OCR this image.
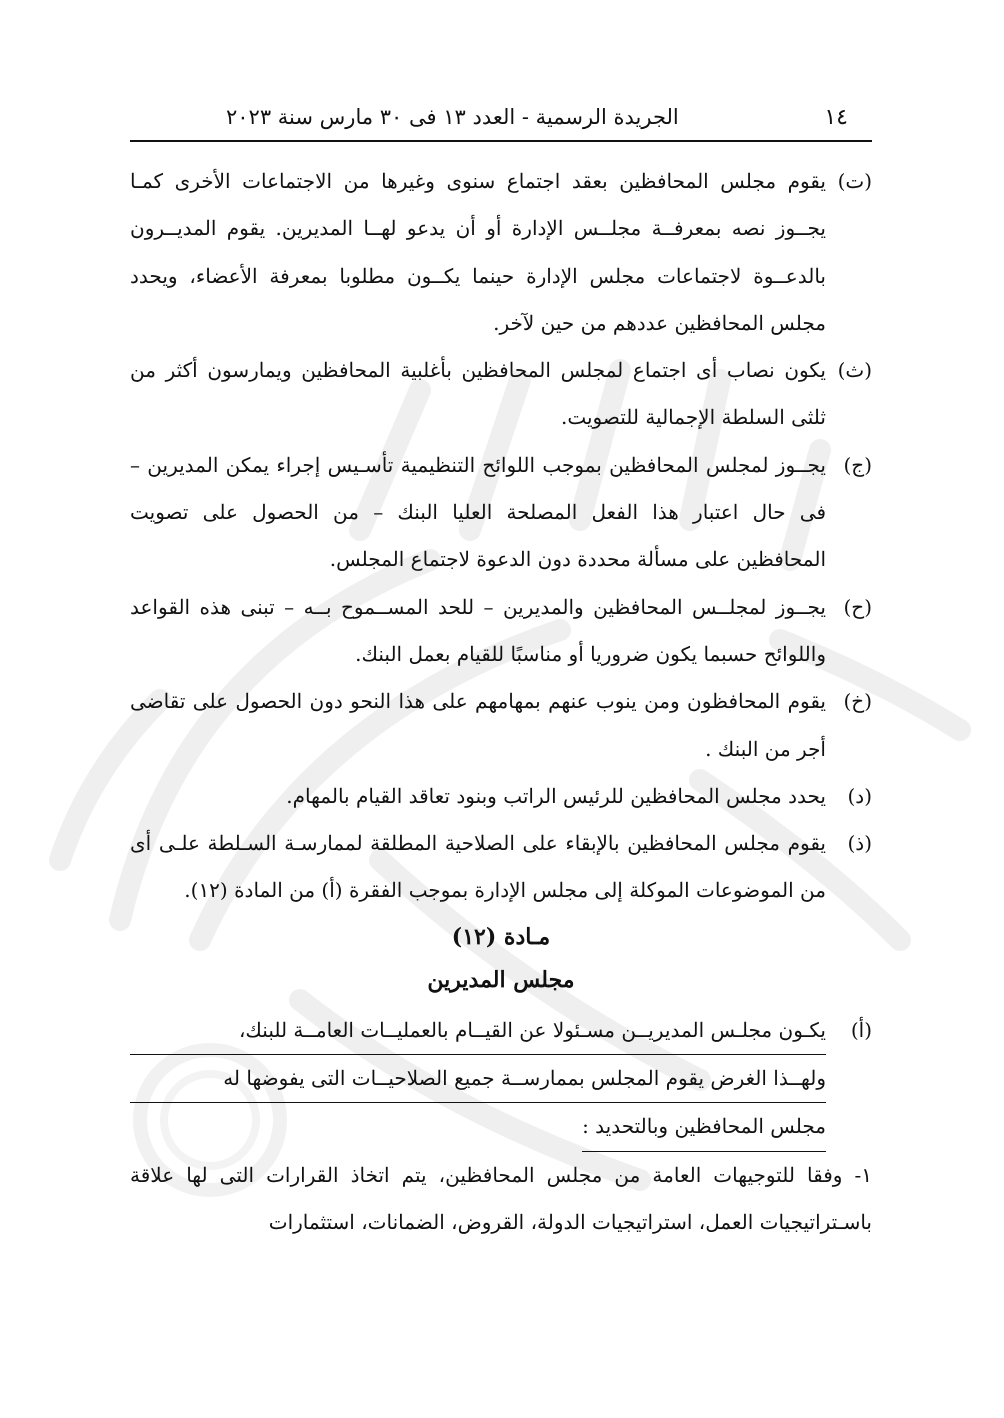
١٤
الجريدة الرسمية - العدد ١٣ فى ٣٠ مارس سنة ٢٠٢٣
(ت)
يقوم مجلس المحافظين بعقد اجتماع سنوى وغيرها من الاجتماعات الأخرى كمـا يجــوز نصه بمعرفــة مجلــس الإدارة أو أن يدعو لهــا المديرين. يقوم المديــرون بالدعــوة لاجتماعات مجلس الإدارة حينما يكــون مطلوبا بمعرفة الأعضاء، ويحدد مجلس المحافظين عددهم من حين لآخر.
(ث)
يكون نصاب أى اجتماع لمجلس المحافظين بأغلبية المحافظين ويمارسون أكثر من ثلثى السلطة الإجمالية للتصويت.
(ج)
يجــوز لمجلس المحافظين بموجب اللوائح التنظيمية تأسـيس إجراء يمكن المديرين – فى حال اعتبار هذا الفعل المصلحة العليا البنك – من الحصول على تصويت المحافظين على مسألة محددة دون الدعوة لاجتماع المجلس.
(ح)
يجــوز لمجلــس المحافظين والمديرين – للحد المســموح بــه – تبنى هذه القواعد واللوائح حسبما يكون ضروريا أو مناسبًا للقيام بعمل البنك.
(خ)
يقوم المحافظون ومن ينوب عنهم بمهامهم على هذا النحو دون الحصول على تقاضى أجر من البنك .
(د)
يحدد مجلس المحافظين للرئيس الراتب وبنود تعاقد القيام بالمهام.
(ذ)
يقوم مجلس المحافظين بالإبقاء على الصلاحية المطلقة لممارسـة السـلطة علـى أى من الموضوعات الموكلة إلى مجلس الإدارة بموجب الفقرة (أ) من المادة (١٢).
مـادة (١٢)
مجلس المديرين
(أ)
يكـون مجلـس المديريــن مسـئولا عن القيــام بالعمليــات العامــة للبنك،
ولهــذا الغرض يقوم المجلس بممارســة جميع الصلاحيــات التى يفوضها له
مجلس المحافظين وبالتحديد :
١- وفقا للتوجيهات العامة من مجلس المحافظين، يتم اتخاذ القرارات التى لها علاقة باسـتراتيجيات العمل، استراتيجيات الدولة، القروض، الضمانات، استثمارات
